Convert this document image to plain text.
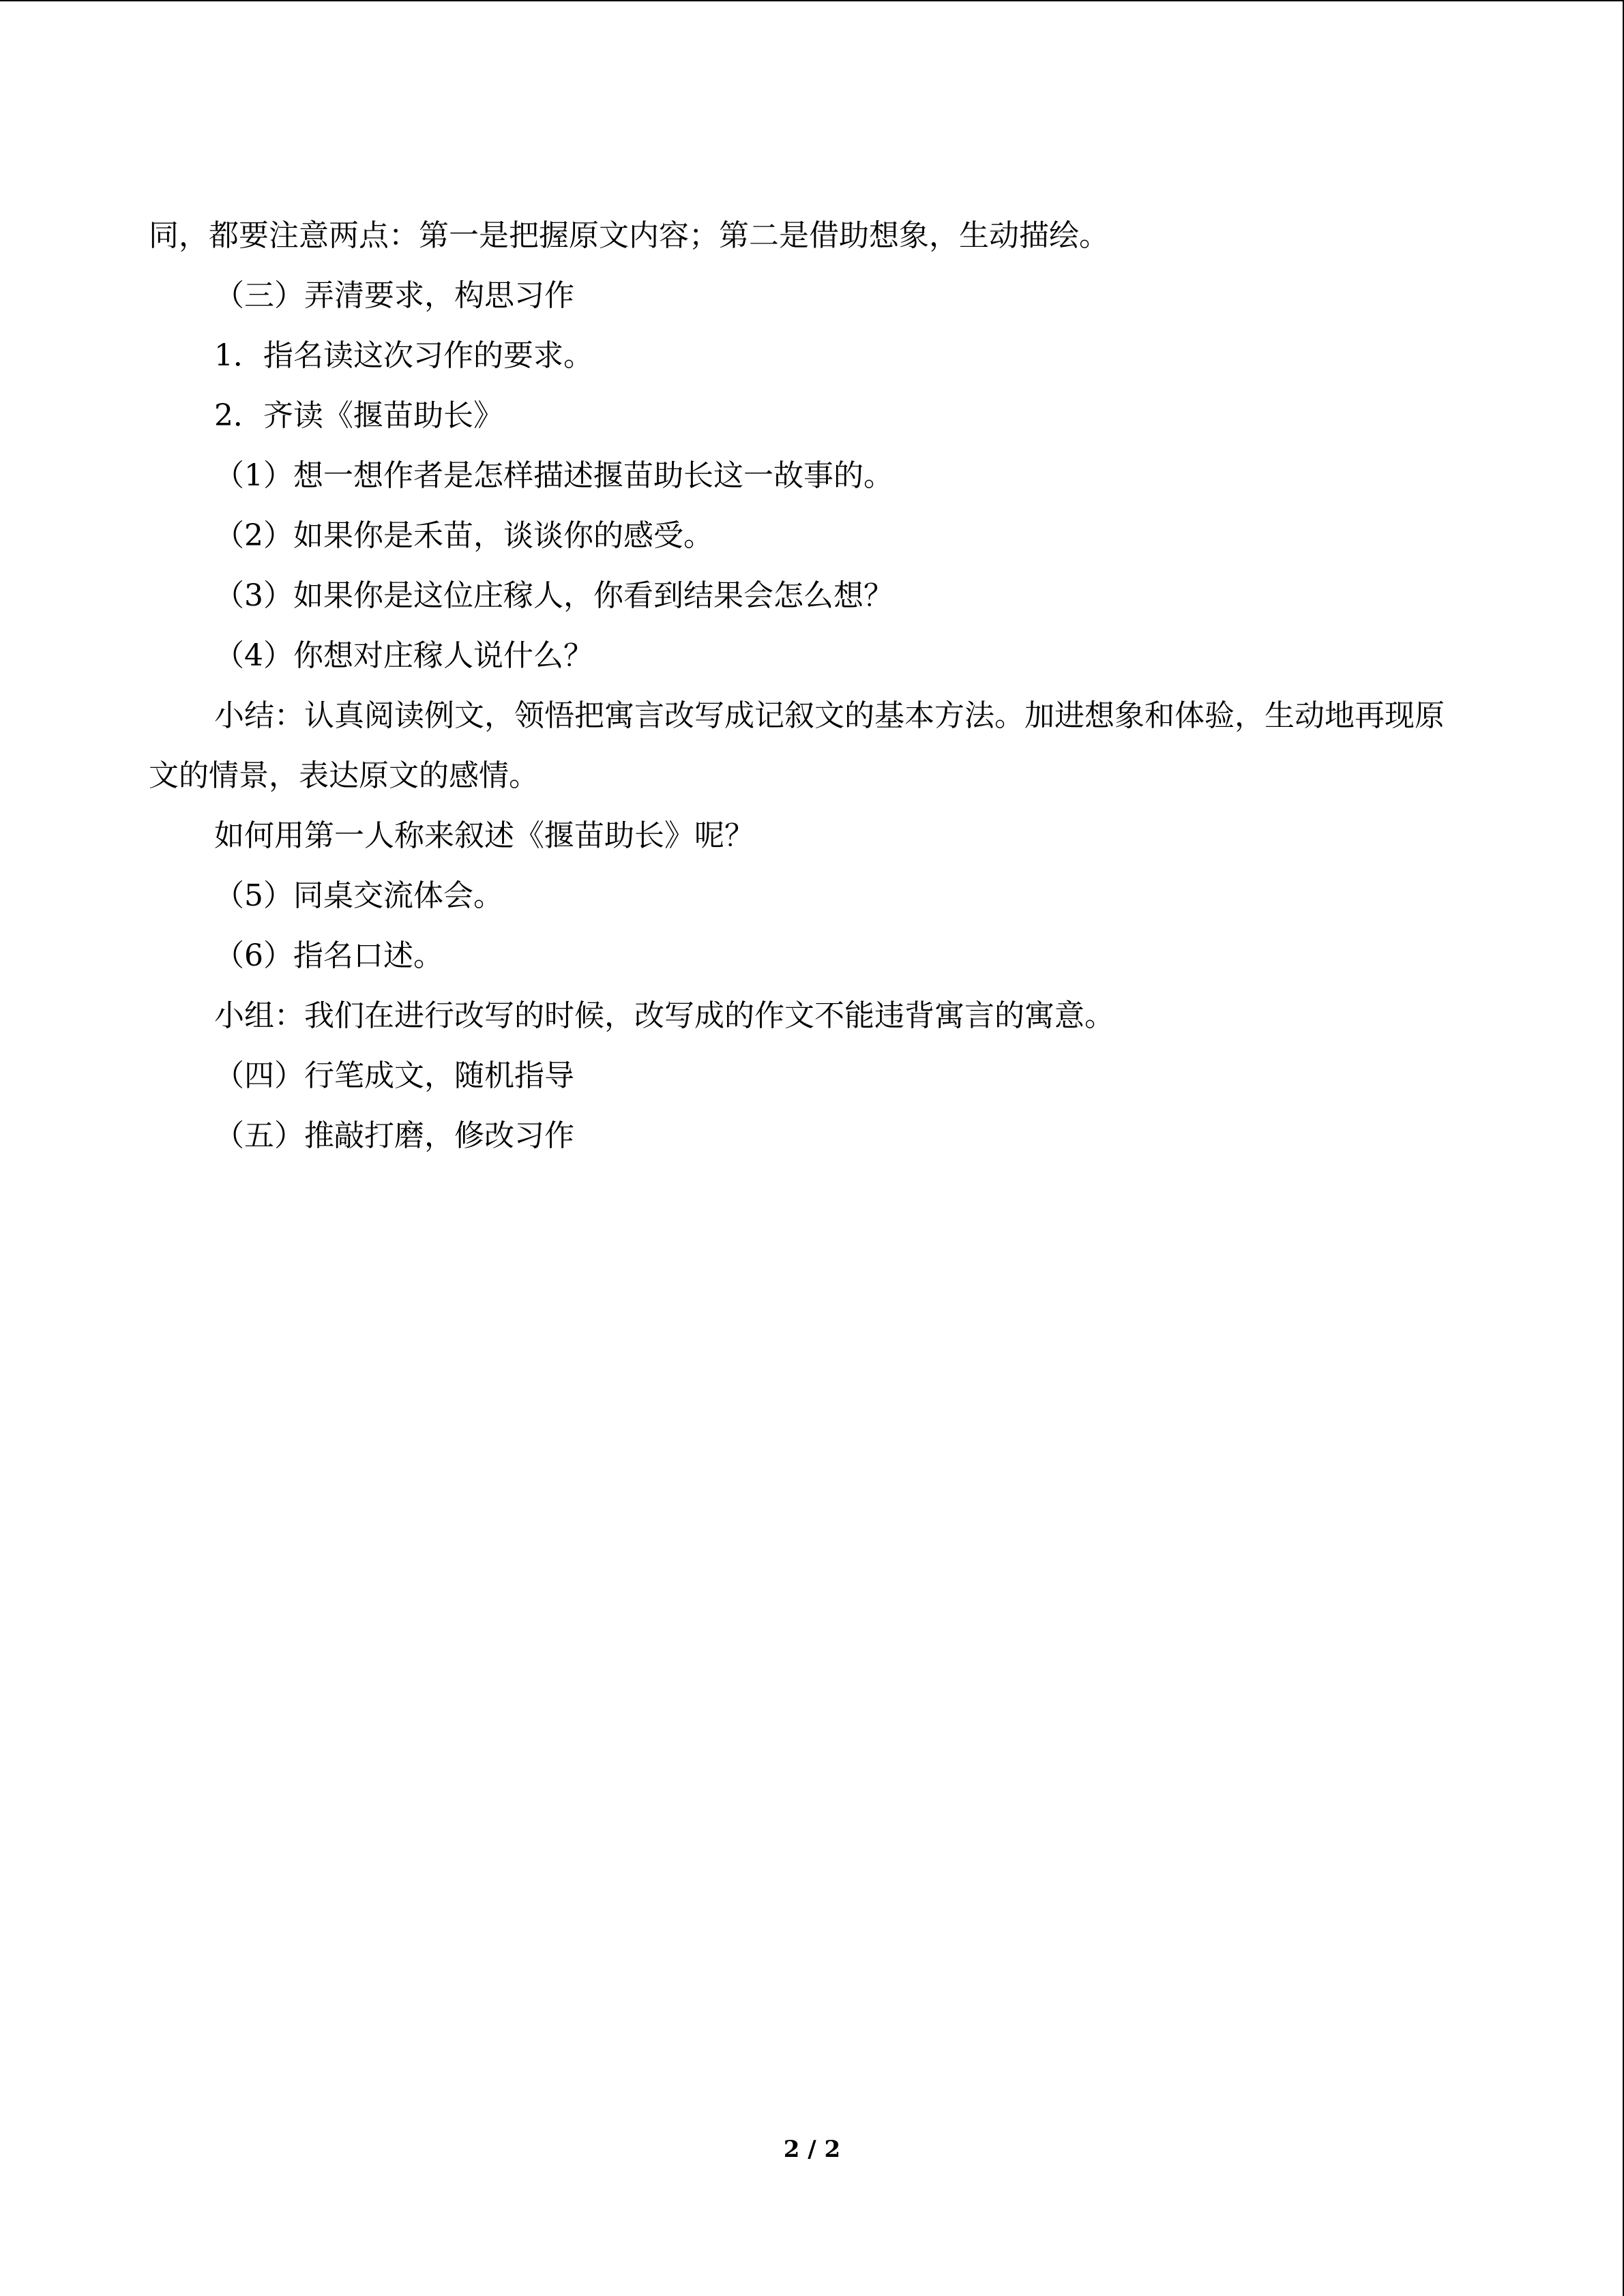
同，都要注意两点：第一是把握原文内容；第二是借助想象，生动描绘。
（三）弄清要求，构思习作
1．指名读这次习作的要求。
2．齐读《揠苗助长》
（1）想一想作者是怎样描述揠苗助长这一故事的。
（2）如果你是禾苗，谈谈你的感受。
（3）如果你是这位庄稼人，你看到结果会怎么想？
（4）你想对庄稼人说什么？
小结：认真阅读例文，领悟把寓言改写成记叙文的基本方法。加进想象和体验，生动地再现原文的情景，表达原文的感情。
如何用第一人称来叙述《揠苗助长》呢？
（5）同桌交流体会。
（6）指名口述。
小组：我们在进行改写的时候，改写成的作文不能违背寓言的寓意。
（四）行笔成文，随机指导
（五）推敲打磨，修改习作
2 / 2
